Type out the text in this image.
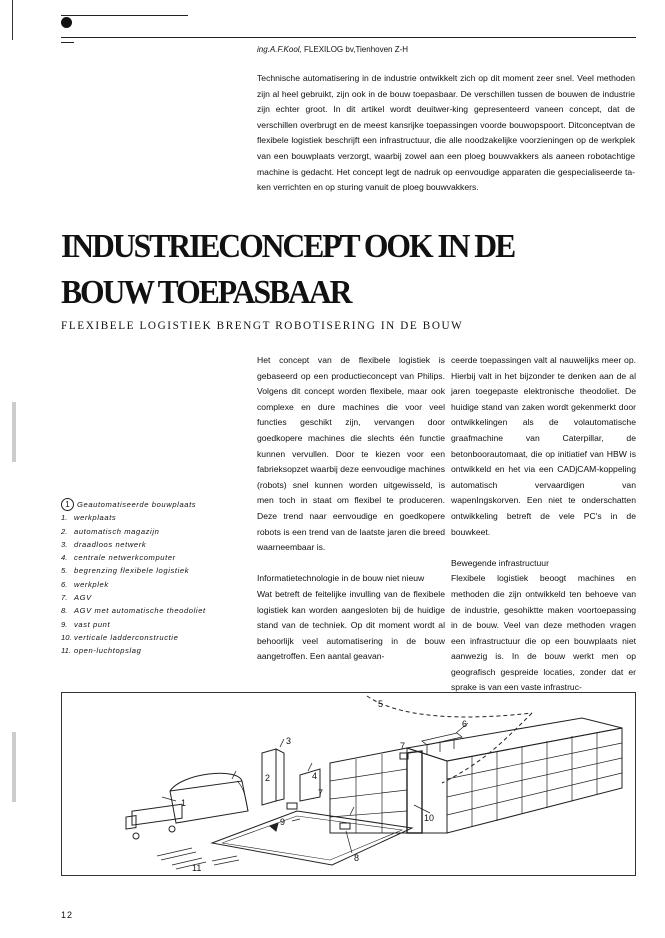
ing.A.F.Kool, FLEXILOG bv,Tienhoven Z-H
Technische automatisering in de industrie ontwikkelt zich op dit moment zeer snel. Veel methoden zijn al heel gebruikt, zijn ook in de bouw toepasbaar. De verschillen tussen de bouwen de industrie zijn echter groot. In dit artikel wordt deuitwer-king gepresenteerd vaneen concept, dat de verschillen overbrugt en de meest kansrijke toepassingen voorde bouwopspoort. Ditconceptvan de flexibele logistiek beschrijft een infrastructuur, die alle noodzakelijke voorzieningen op de werkplek van een bouwplaats verzorgt, waarbij zowel aan een ploeg bouwvakkers als aaneen robotachtige machine is gedacht. Het concept legt de nadruk op eenvoudige apparaten die gespecialiseerde ta-ken verrichten en op sturing vanuit de ploeg bouwvakkers.
INDUSTRIECONCEPT OOK IN DE BOUW TOEPASBAAR
FLEXIBELE LOGISTIEK BRENGT ROBOTISERING IN DE BOUW
1 Geautomatiseerde bouwplaats
1. werkplaats
2. automatisch magazijn
3. draadloos netwerk
4. centrale netwerkcomputer
5. begrenzing flexibele logistiek
6. werkplek
7. AGV
8. AGV met automatische theodoliet
9. vast punt
10. verticale ladderconstructie
11. open-luchtopslag

Het concept van de flexibele logistiek is gebaseerd op een productieconcept van Philips. Volgens dit concept worden flexibele, maar ook complexe en dure machines die voor veel functies geschikt zijn, vervangen door goedkopere machines die slechts één functie kunnen vervullen. Door te kiezen voor een fabrieksopzet waarbij deze eenvoudige machines (robots) snel kunnen worden uitgewisseld, is men toch in staat om flexibel te produceren. Deze trend naar eenvoudige en goedkopere robots is een trend van de laatste jaren die breed waarneembaar is.

Informatietechnologie in de bouw niet nieuw

Wat betreft de feitelijke invulling van de flexibele logistiek kan worden aangesloten bij de huidige stand van de techniek. Op dit moment wordt al behoorlijk veel automatisering in de bouw aangetroffen. Een aantal geavan-

ceerde toepassingen valt al nauwelijks meer op. Hierbij valt in het bijzonder te denken aan de al jaren toegepaste elektronische theodoliet. De huidige stand van zaken wordt gekenmerkt door ontwikkelingen als de volautomatische graafmachine van Caterpillar, de betonboorautomaat, die op initiatief van HBW is ontwikkeld en het via een CADjCAM-koppeling automatisch vervaardigen van wapenIngskorven. Een niet te onderschatten ontwikkeling betreft de vele PC's in de bouwkeet.

Bewegende infrastructuur

Flexibele logistiek beoogt machines en methoden die zijn ontwikkeld ten behoeve van de industrie, gesohiktte maken voortoepassing in de bouw. Veel van deze methoden vragen een infrastructuur die op een bouwplaats niet aanwezig is. In de bouw werkt men op geografisch gespreide locaties, zonder dat er sprake is van een vaste infrastruc-

1
2
3
4
5
6
7
7
8
9	10
11
12
